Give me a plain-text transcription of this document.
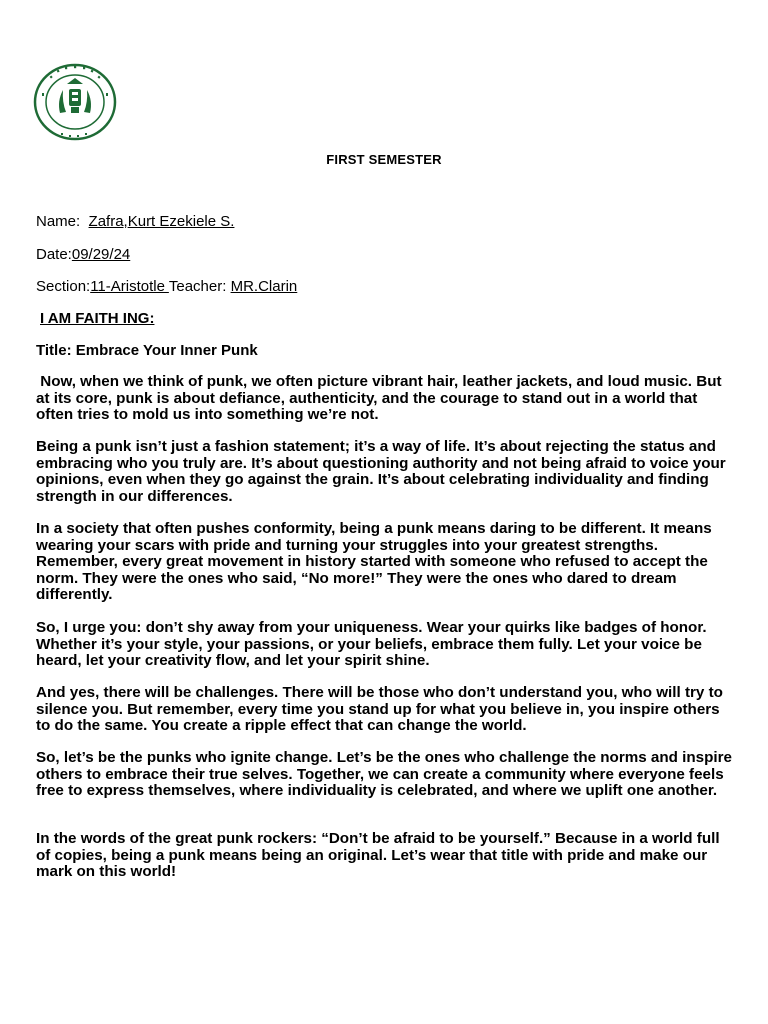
FIRST SEMESTER
Name: Zafra,Kurt Ezekiele S.
Date:09/29/24
Section:11-Aristotle Teacher: MR.Clarin
I AM FAITH ING:
Title: Embrace Your Inner Punk

Now, when we think of punk, we often picture vibrant hair, leather jackets, and loud music. But at its core, punk is about defiance, authenticity, and the courage to stand out in a world that often tries to mold us into something we’re not.

Being a punk isn’t just a fashion statement; it’s a way of life. It’s about rejecting the status and embracing who you truly are. It’s about questioning authority and not being afraid to voice your opinions, even when they go against the grain. It’s about celebrating individuality and finding strength in our differences.

In a society that often pushes conformity, being a punk means daring to be different. It means wearing your scars with pride and turning your struggles into your greatest strengths. Remember, every great movement in history started with someone who refused to accept the norm. They were the ones who said, “No more!” They were the ones who dared to dream differently.

So, I urge you: don’t shy away from your uniqueness. Wear your quirks like badges of honor. Whether it’s your style, your passions, or your beliefs, embrace them fully. Let your voice be heard, let your creativity flow, and let your spirit shine.

And yes, there will be challenges. There will be those who don’t understand you, who will try to silence you. But remember, every time you stand up for what you believe in, you inspire others to do the same. You create a ripple effect that can change the world.

So, let’s be the punks who ignite change. Let’s be the ones who challenge the norms and inspire others to embrace their true selves. Together, we can create a community where everyone feels free to express themselves, where individuality is celebrated, and where we uplift one another.

In the words of the great punk rockers: “Don’t be afraid to be yourself.” Because in a world full of copies, being a punk means being an original. Let’s wear that title with pride and make our mark on this world!
